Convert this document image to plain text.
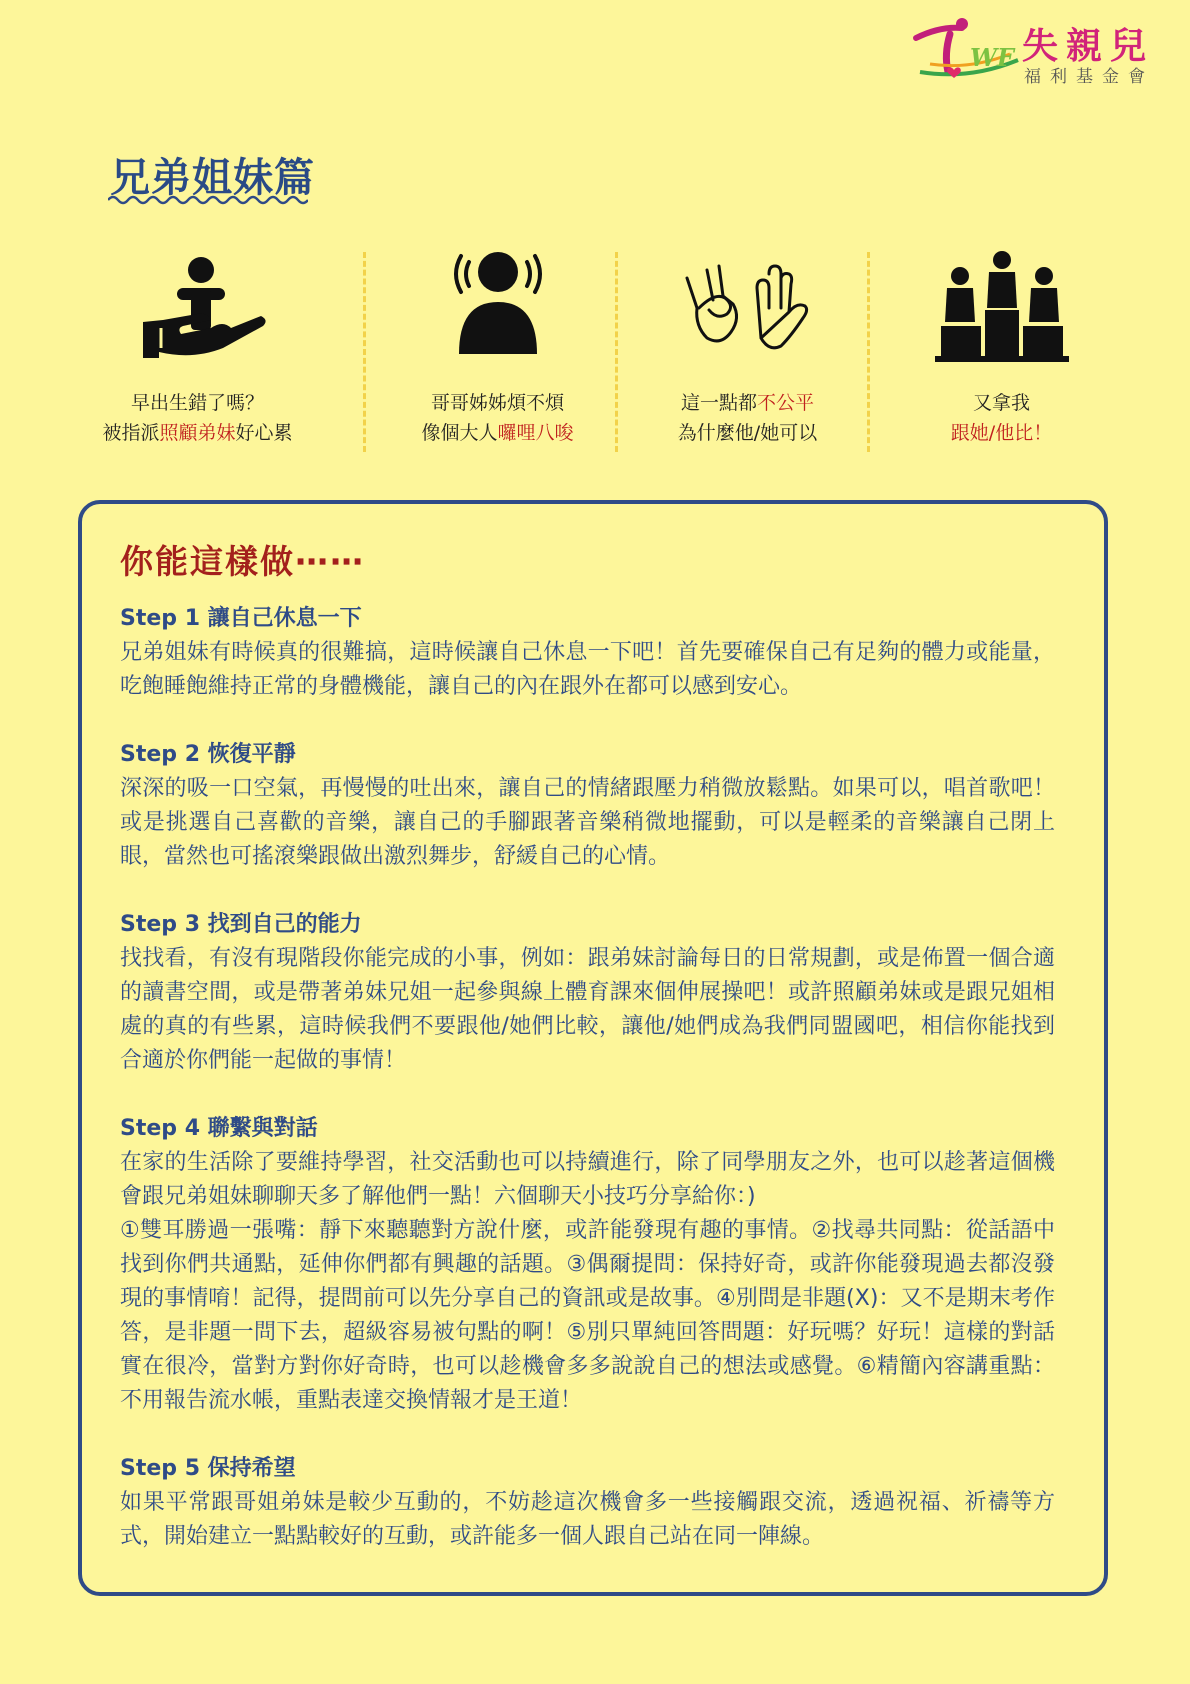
WF 失親兒
福利基金會
兄弟姐妹篇
早出生錯了嗎？
被指派照顧弟妹好心累
哥哥姊姊煩不煩
像個大人囉哩八唆
這一點都不公平
為什麼他/她可以
又拿我
跟她/他比！
你能這樣做⋯⋯
Step 1 讓自己休息一下
兄弟姐妹有時候真的很難搞，這時候讓自己休息一下吧！首先要確保自己有足夠的體力或能量，吃飽睡飽維持正常的身體機能，讓自己的內在跟外在都可以感到安心。
Step 2 恢復平靜
深深的吸一口空氣，再慢慢的吐出來，讓自己的情緒跟壓力稍微放鬆點。如果可以，唱首歌吧！或是挑選自己喜歡的音樂，讓自己的手腳跟著音樂稍微地擺動，可以是輕柔的音樂讓自己閉上眼，當然也可搖滾樂跟做出激烈舞步，舒緩自己的心情。
Step 3 找到自己的能力
找找看，有沒有現階段你能完成的小事，例如：跟弟妹討論每日的日常規劃，或是佈置一個合適的讀書空間，或是帶著弟妹兄姐一起參與線上體育課來個伸展操吧！或許照顧弟妹或是跟兄姐相處的真的有些累，這時候我們不要跟他/她們比較，讓他/她們成為我們同盟國吧，相信你能找到合適於你們能一起做的事情！
Step 4 聯繫與對話
在家的生活除了要維持學習，社交活動也可以持續進行，除了同學朋友之外，也可以趁著這個機會跟兄弟姐妹聊聊天多了解他們一點！六個聊天小技巧分享給你：)
①雙耳勝過一張嘴：靜下來聽聽對方說什麼，或許能發現有趣的事情。②找尋共同點：從話語中找到你們共通點，延伸你們都有興趣的話題。③偶爾提問：保持好奇，或許你能發現過去都沒發現的事情唷！記得，提問前可以先分享自己的資訊或是故事。④別問是非題(X)：又不是期末考作答，是非題一問下去，超級容易被句點的啊！⑤別只單純回答問題：好玩嗎？好玩！這樣的對話實在很冷，當對方對你好奇時，也可以趁機會多多說說自己的想法或感覺。⑥精簡內容講重點：不用報告流水帳，重點表達交換情報才是王道！
Step 5 保持希望
如果平常跟哥姐弟妹是較少互動的，不妨趁這次機會多一些接觸跟交流，透過祝福、祈禱等方式，開始建立一點點較好的互動，或許能多一個人跟自己站在同一陣線。
